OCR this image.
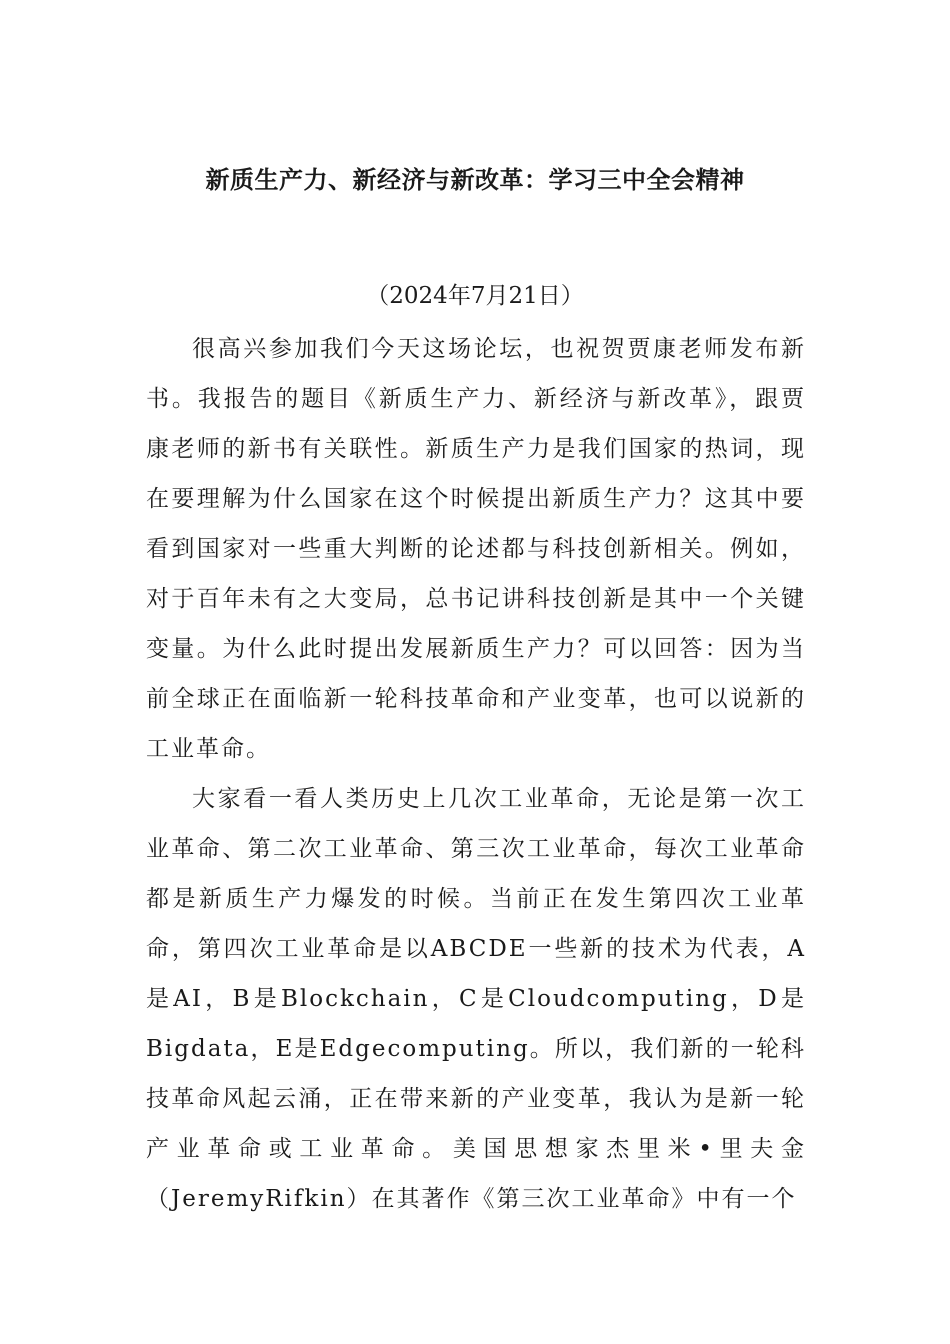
新质生产力、新经济与新改革：学习三中全会精神
（2024年7月21日）

很高兴参加我们今天这场论坛，也祝贺贾康老师发布新书。我报告的题目《新质生产力、新经济与新改革》，跟贾康老师的新书有关联性。新质生产力是我们国家的热词，现在要理解为什么国家在这个时候提出新质生产力？这其中要看到国家对一些重大判断的论述都与科技创新相关。例如，对于百年未有之大变局，总书记讲科技创新是其中一个关键变量。为什么此时提出发展新质生产力？可以回答：因为当前全球正在面临新一轮科技革命和产业变革，也可以说新的工业革命。

大家看一看人类历史上几次工业革命，无论是第一次工业革命、第二次工业革命、第三次工业革命，每次工业革命都是新质生产力爆发的时候。当前正在发生第四次工业革命，第四次工业革命是以ABCDE一些新的技术为代表，A是AI，B是Blockchain，C是Cloudcomputing，D是Bigdata，E是Edgecomputing。所以，我们新的一轮科技革命风起云涌，正在带来新的产业变革，我认为是新一轮产业革命或工业革命。美国思想家杰里米•里夫金（JeremyRifkin）在其著作《第三次工业革命》中有一个
